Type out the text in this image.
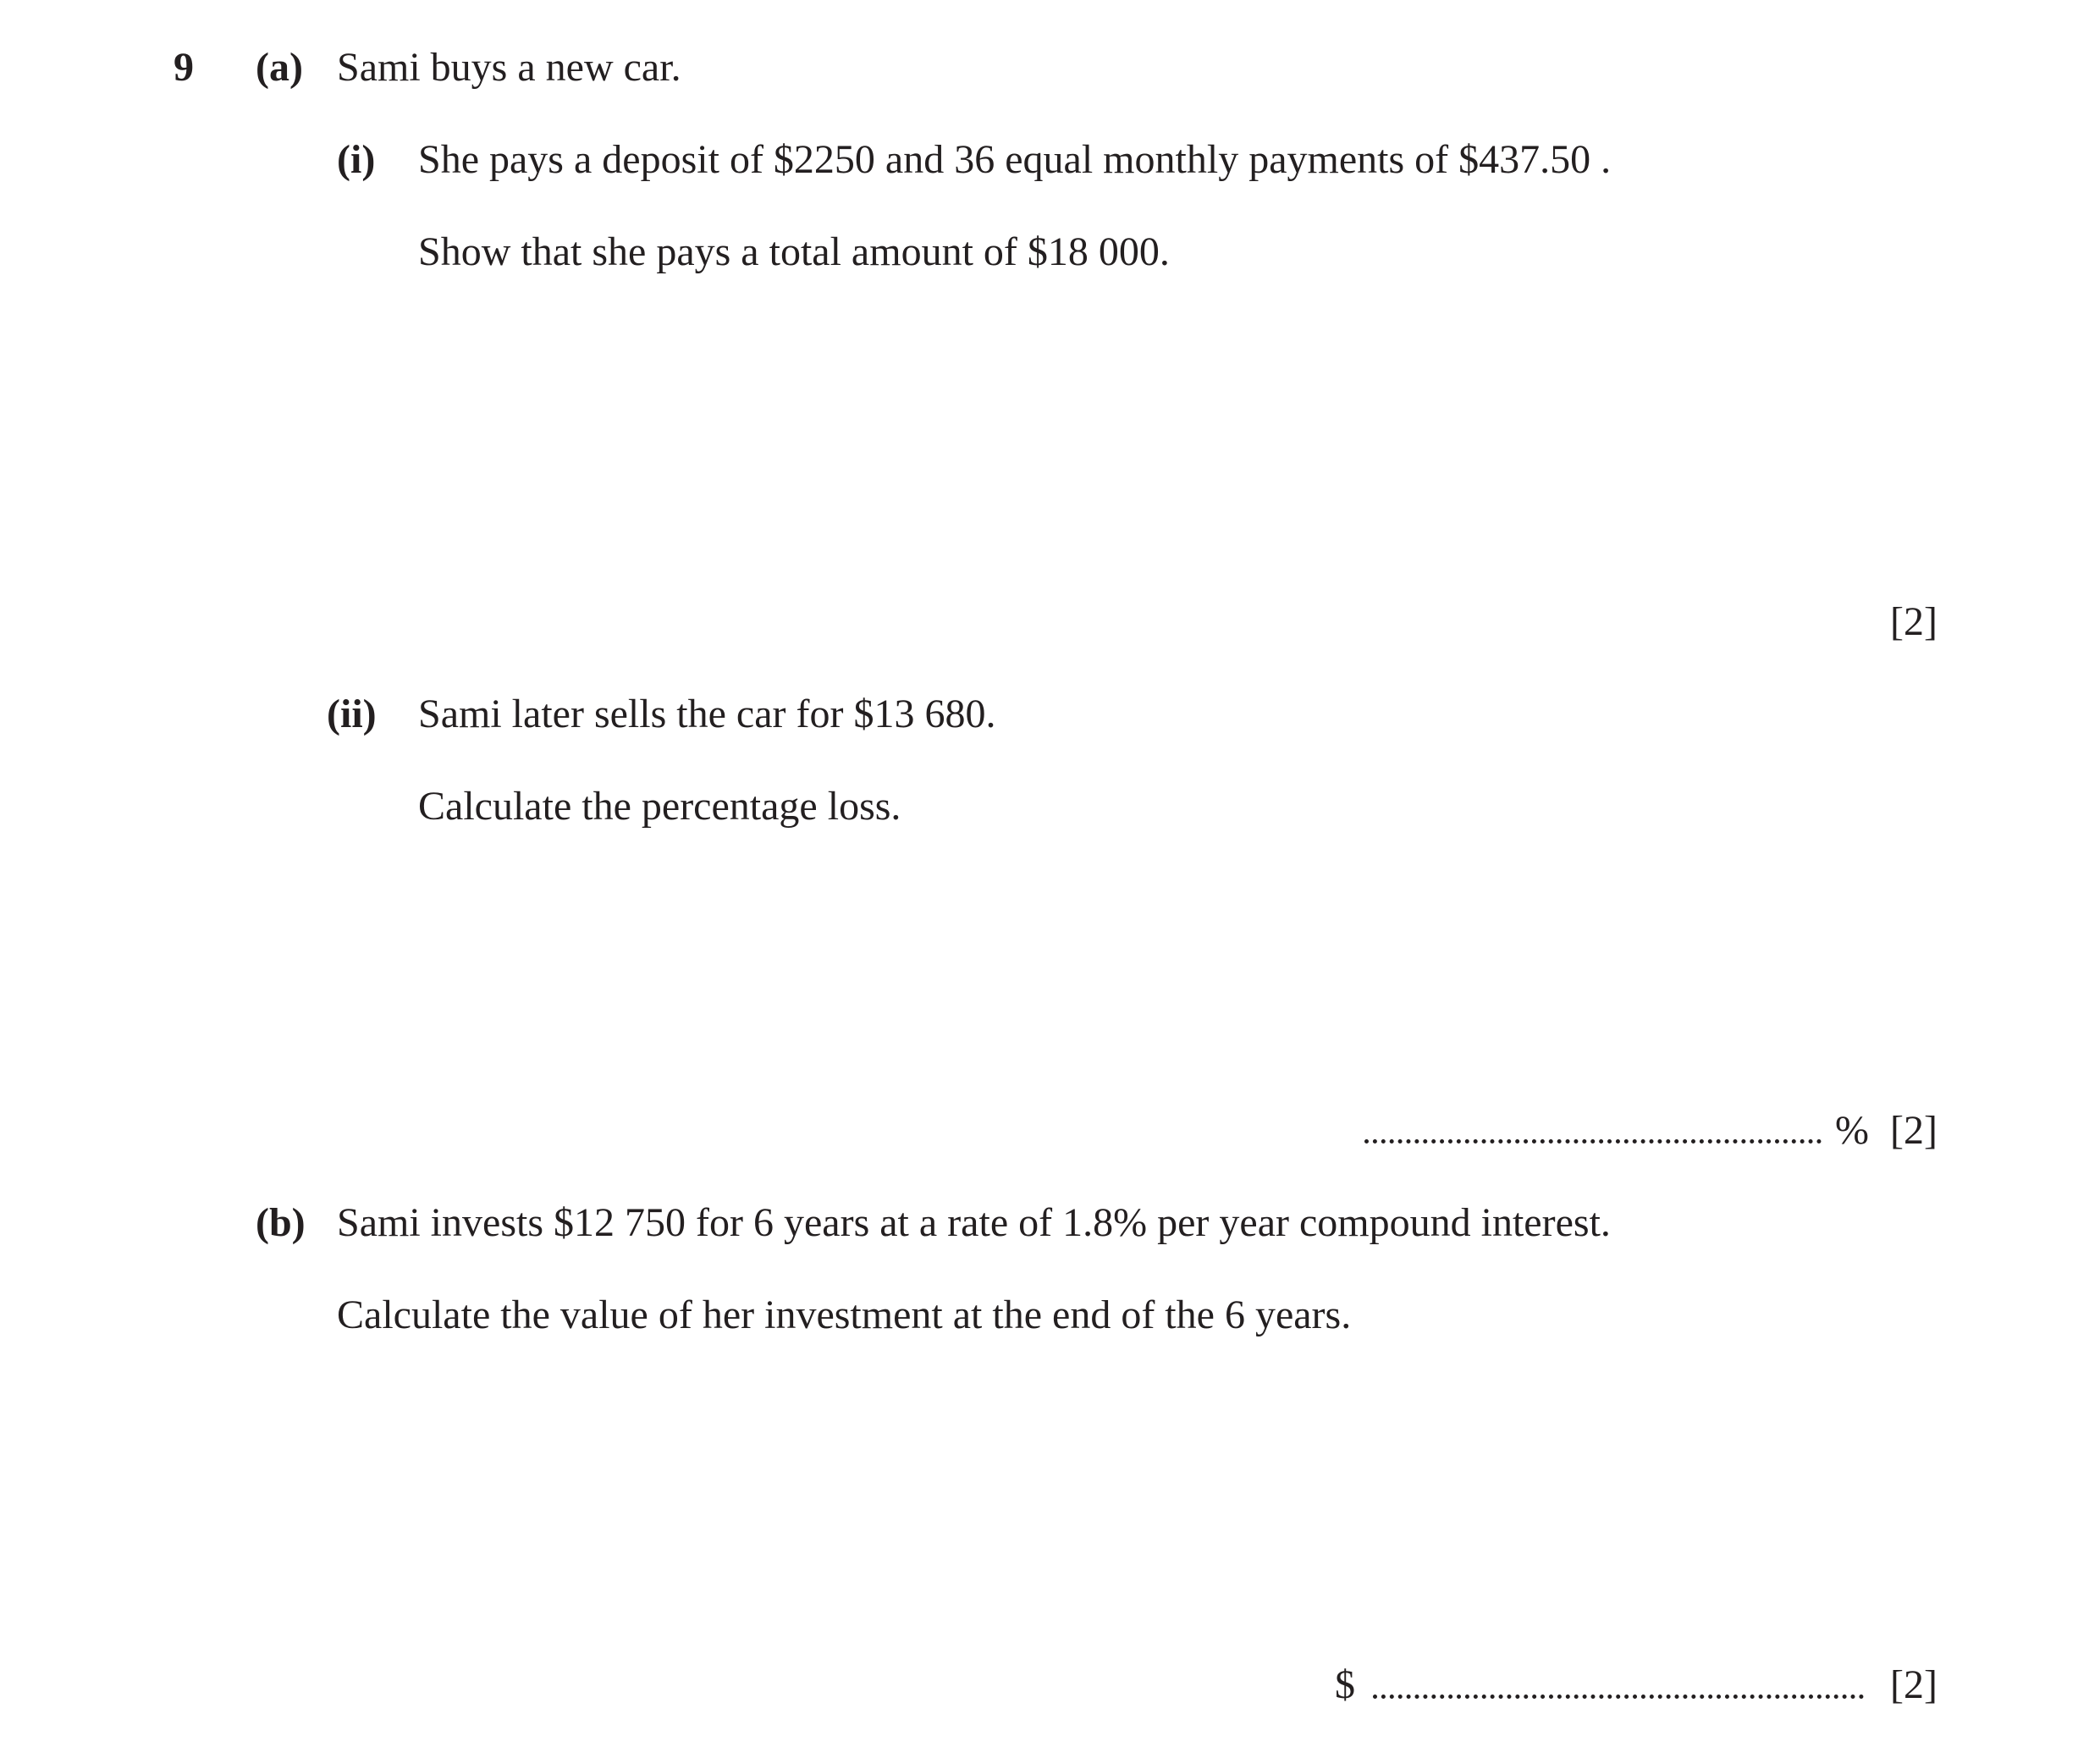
9 (a) Sami buys a new car.
(i) She pays a deposit of $2250 and 36 equal monthly payments of $437.50 .
Show that she pays a total amount of $18 000.
[2]
(ii) Sami later sells the car for $13 680.
Calculate the percentage loss.
% [2]
(b) Sami invests $12 750 for 6 years at a rate of 1.8% per year compound interest.
Calculate the value of her investment at the end of the 6 years.
$	[2]
